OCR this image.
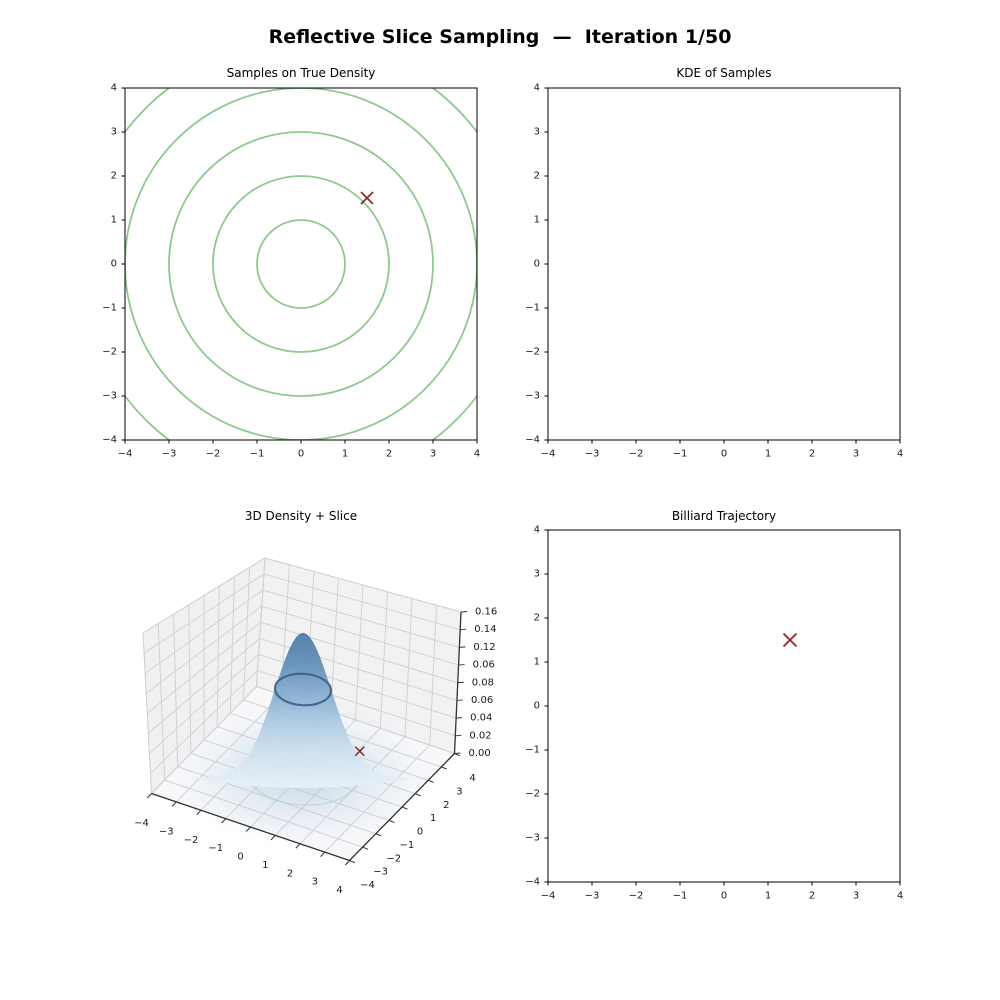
Reflective Slice Sampling  —  Iteration 1/50
Samples on True Density	KDE of Samples
3D Density + Slice	Billiard Trajectory
−4	−3	−2	−1	0	1	2	3	4
−4
−3
−2
−1
0
1
2
3
4
−4	−3	−2	−1	0	1	2	3	4
−4
−3
−2
−1
0
1
2
3
4
−4
−3
−2
−1
0
1
2
3
4 −4
−3
−2
−1
0
1
2
3
4
0.00
0.02
0.04
0.06
0.08
0.06
0.12
0.14
0.16
−4	−3	−2	−1	0	1	2	3	4
−4
−3
−2
−1
0
1
2
3
4
